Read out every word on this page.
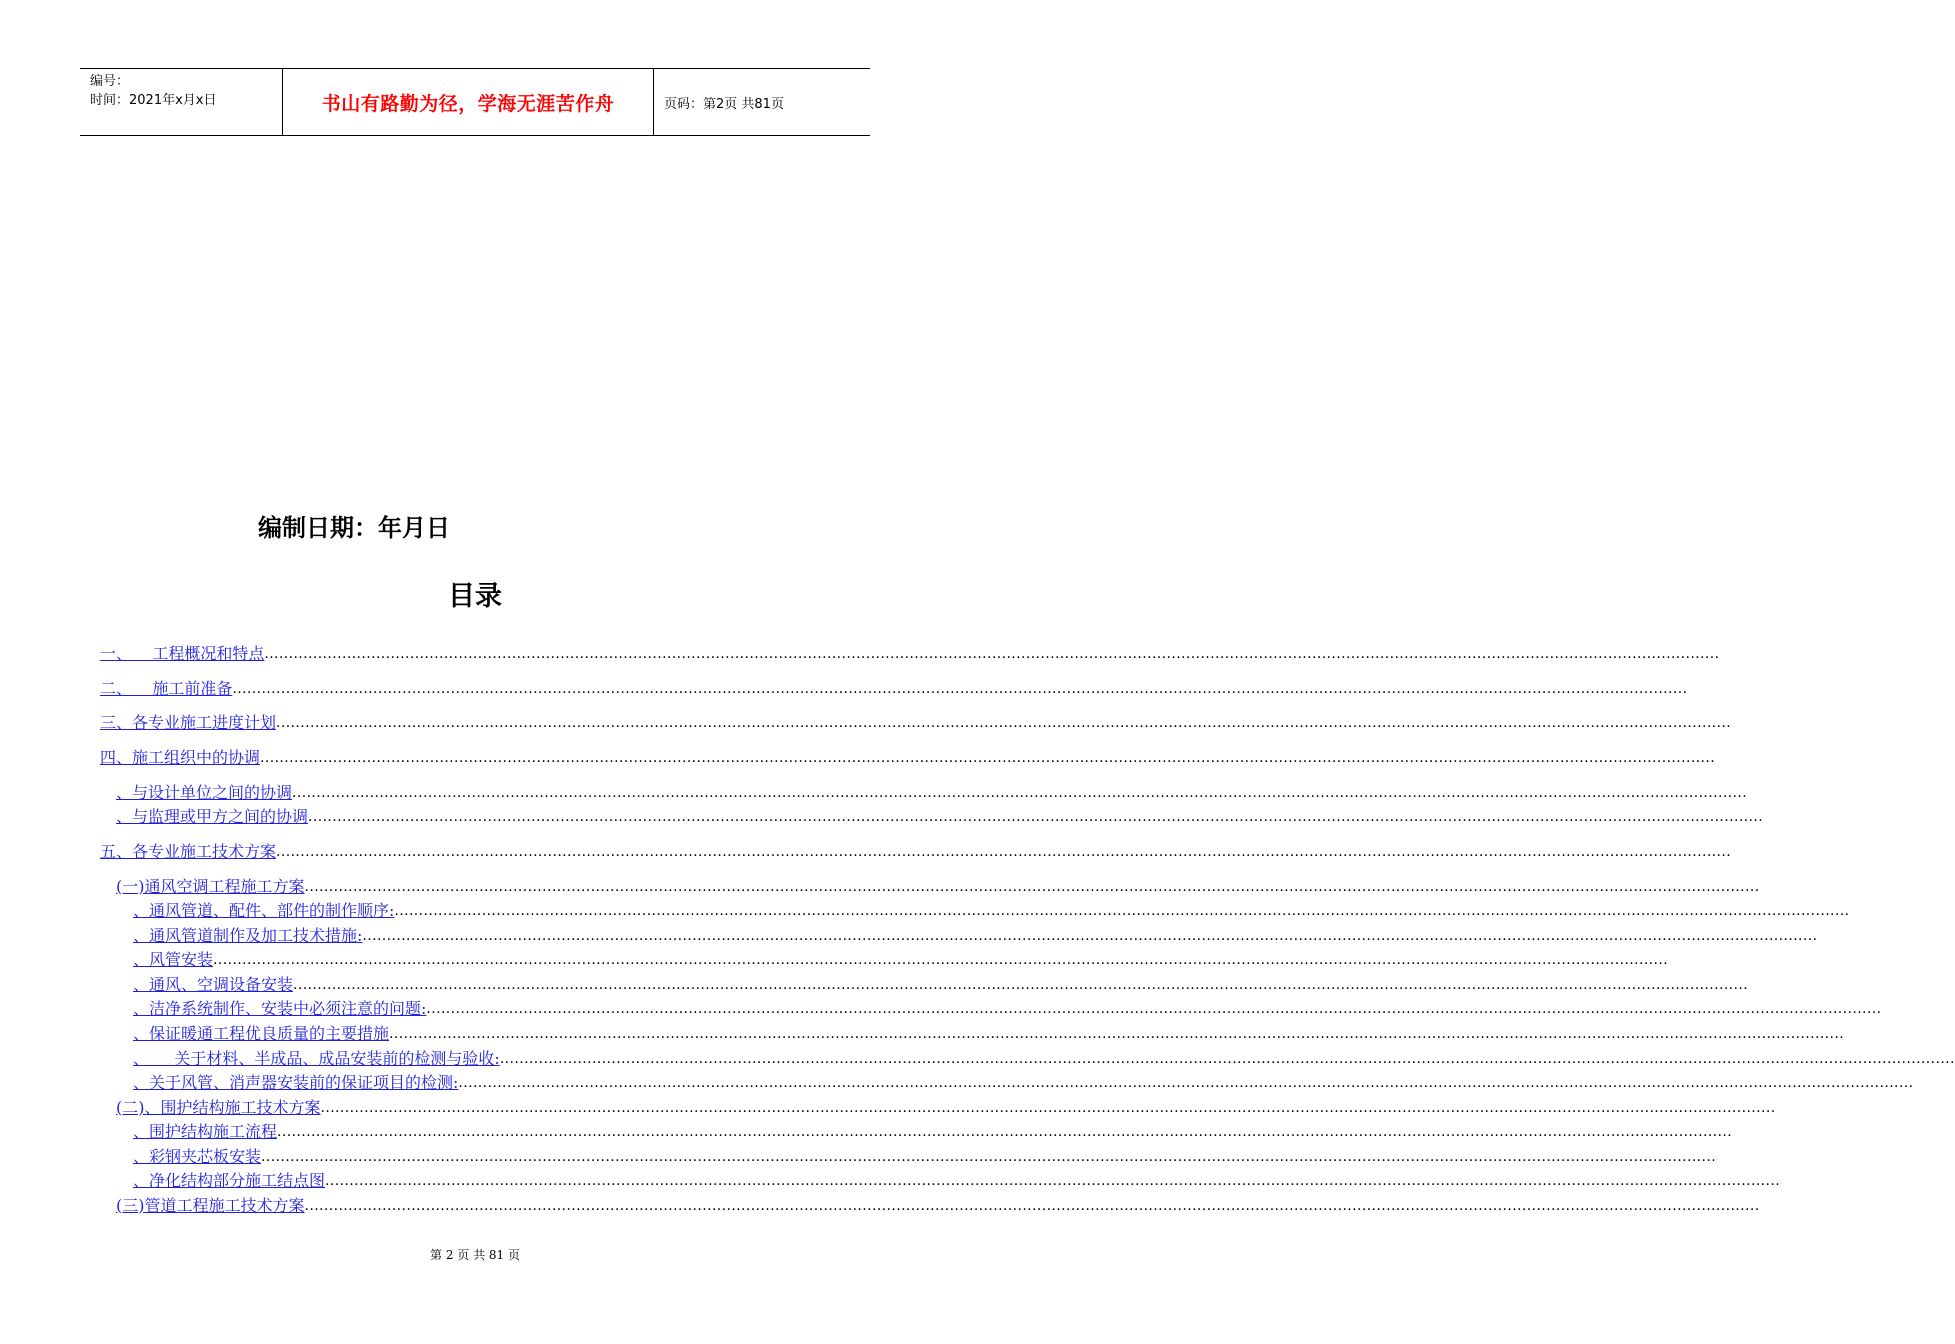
编号：
时间：2021年x月x日	书山有路勤为径，学海无涯苦作舟	页码：第2页 共81页
编制日期：年月日
目录
一、    工程概况和特点 ............................................................................................................................................................................................................................................................................................................
二、    施工前准备 ............................................................................................................................................................................................................................................................................................................
三、各专业施工进度计划 ............................................................................................................................................................................................................................................................................................................
四、施工组织中的协调 ............................................................................................................................................................................................................................................................................................................
、与设计单位之间的协调 ............................................................................................................................................................................................................................................................................................................
、与监理或甲方之间的协调 ............................................................................................................................................................................................................................................................................................................
五、各专业施工技术方案 ............................................................................................................................................................................................................................................................................................................
(一)通风空调工程施工方案 ............................................................................................................................................................................................................................................................................................................
、通风管道、配件、部件的制作顺序: ............................................................................................................................................................................................................................................................................................................
、通风管道制作及加工技术措施: ............................................................................................................................................................................................................................................................................................................
、风管安装 ............................................................................................................................................................................................................................................................................................................
、通风、空调设备安装 ............................................................................................................................................................................................................................................................................................................
、洁净系统制作、安装中必须注意的问题: ............................................................................................................................................................................................................................................................................................................
、保证暖通工程优良质量的主要措施 ............................................................................................................................................................................................................................................................................................................
、     关于材料、半成品、成品安装前的检测与验收: ............................................................................................................................................................................................................................................................................................................
、关于风管、消声器安装前的保证项目的检测: ............................................................................................................................................................................................................................................................................................................
(二)、围护结构施工技术方案 ............................................................................................................................................................................................................................................................................................................
、围护结构施工流程 ............................................................................................................................................................................................................................................................................................................
、彩钢夹芯板安装 ............................................................................................................................................................................................................................................................................................................
、净化结构部分施工结点图 ............................................................................................................................................................................................................................................................................................................
(三)管道工程施工技术方案 ............................................................................................................................................................................................................................................................................................................
第 2 页 共 81 页
